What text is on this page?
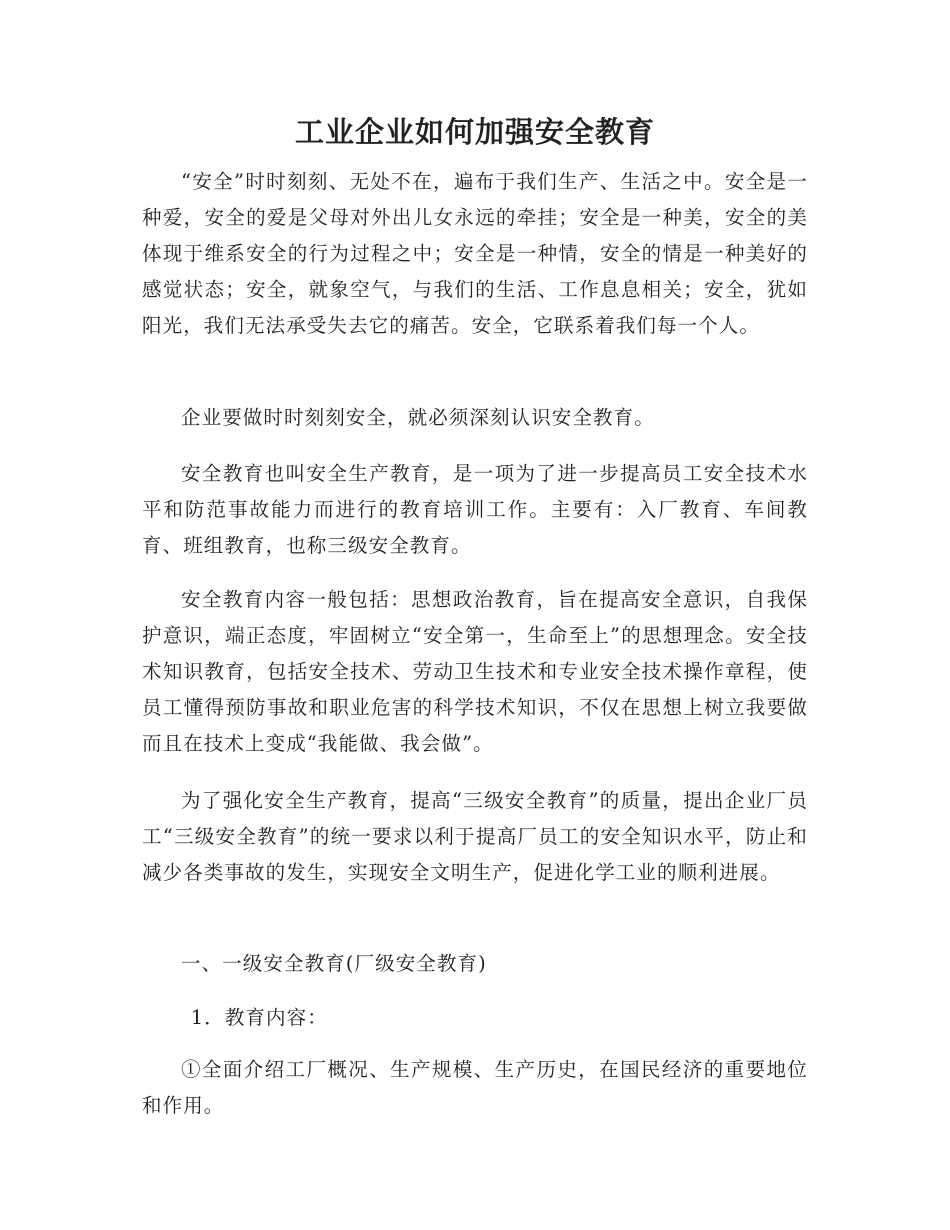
工业企业如何加强安全教育

“安全”时时刻刻、无处不在，遍布于我们生产、生活之中。安全是一种爱，安全的爱是父母对外出儿女永远的牵挂；安全是一种美，安全的美体现于维系安全的行为过程之中；安全是一种情，安全的情是一种美好的感觉状态；安全，就象空气，与我们的生活、工作息息相关；安全，犹如阳光，我们无法承受失去它的痛苦。安全，它联系着我们每一个人。

企业要做时时刻刻安全，就必须深刻认识安全教育。

安全教育也叫安全生产教育，是一项为了进一步提高员工安全技术水平和防范事故能力而进行的教育培训工作。主要有：入厂教育、车间教育、班组教育，也称三级安全教育。

安全教育内容一般包括：思想政治教育，旨在提高安全意识，自我保护意识，端正态度，牢固树立“安全第一，生命至上”的思想理念。安全技术知识教育，包括安全技术、劳动卫生技术和专业安全技术操作章程，使员工懂得预防事故和职业危害的科学技术知识，不仅在思想上树立我要做而且在技术上变成“我能做、我会做”。

为了强化安全生产教育，提高“三级安全教育”的质量，提出企业厂员工“三级安全教育”的统一要求以利于提高厂员工的安全知识水平，防止和减少各类事故的发生，实现安全文明生产，促进化学工业的顺利进展。

一、一级安全教育(厂级安全教育)

1．教育内容：

①全面介绍工厂概况、生产规模、生产历史，在国民经济的重要地位和作用。
